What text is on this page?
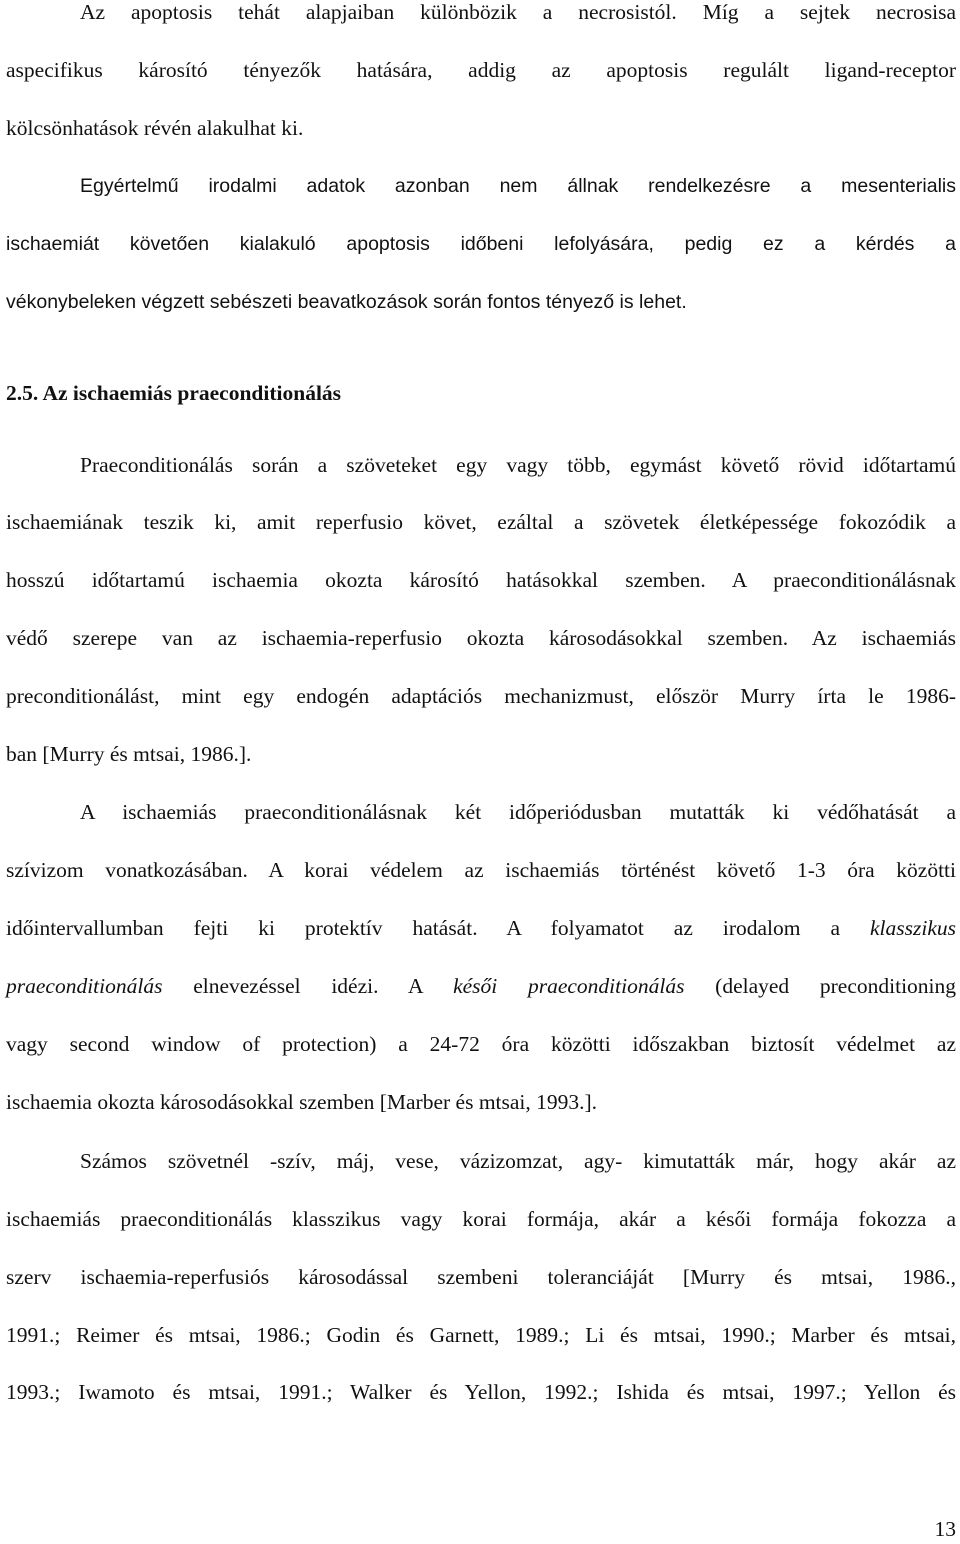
Az apoptosis tehát alapjaiban különbözik a necrosistól. Míg a sejtek necrosisa
aspecifikus károsító tényezők hatására, addig az apoptosis regulált ligand-receptor
kölcsönhatások révén alakulhat ki.
Egyértelmű irodalmi adatok azonban nem állnak rendelkezésre a mesenterialis
ischaemiát követően kialakuló apoptosis időbeni lefolyására, pedig ez a kérdés a
vékonybeleken végzett sebészeti beavatkozások során fontos tényező is lehet.
2.5. Az ischaemiás praeconditionálás
Praeconditionálás során a szöveteket egy vagy több, egymást követő rövid időtartamú
ischaemiának teszik ki, amit reperfusio követ, ezáltal a szövetek életképessége fokozódik a
hosszú időtartamú ischaemia okozta károsító hatásokkal szemben. A praeconditionálásnak
védő szerepe van az ischaemia-reperfusio okozta károsodásokkal szemben. Az ischaemiás
preconditionálást, mint egy endogén adaptációs mechanizmust, először Murry írta le 1986-
ban [Murry és mtsai, 1986.].
A ischaemiás praeconditionálásnak két időperiódusban mutatták ki védőhatását a
szívizom vonatkozásában. A korai védelem az ischaemiás történést követő 1-3 óra közötti
időintervallumban fejti ki protektív hatását. A folyamatot az irodalom a klasszikus
praeconditionálás elnevezéssel idézi. A késői praeconditionálás (delayed preconditioning
vagy second window of protection) a 24-72 óra közötti időszakban biztosít védelmet az
ischaemia okozta károsodásokkal szemben [Marber és mtsai, 1993.].
Számos szövetnél -szív, máj, vese, vázizomzat, agy- kimutatták már, hogy akár az
ischaemiás praeconditionálás klasszikus vagy korai formája, akár a késői formája fokozza a
szerv ischaemia-reperfusiós károsodással szembeni toleranciáját [Murry és mtsai, 1986.,
1991.; Reimer és mtsai, 1986.; Godin és Garnett, 1989.; Li és mtsai, 1990.; Marber és mtsai,
1993.; Iwamoto és mtsai, 1991.; Walker és Yellon, 1992.; Ishida és mtsai, 1997.; Yellon és
13
